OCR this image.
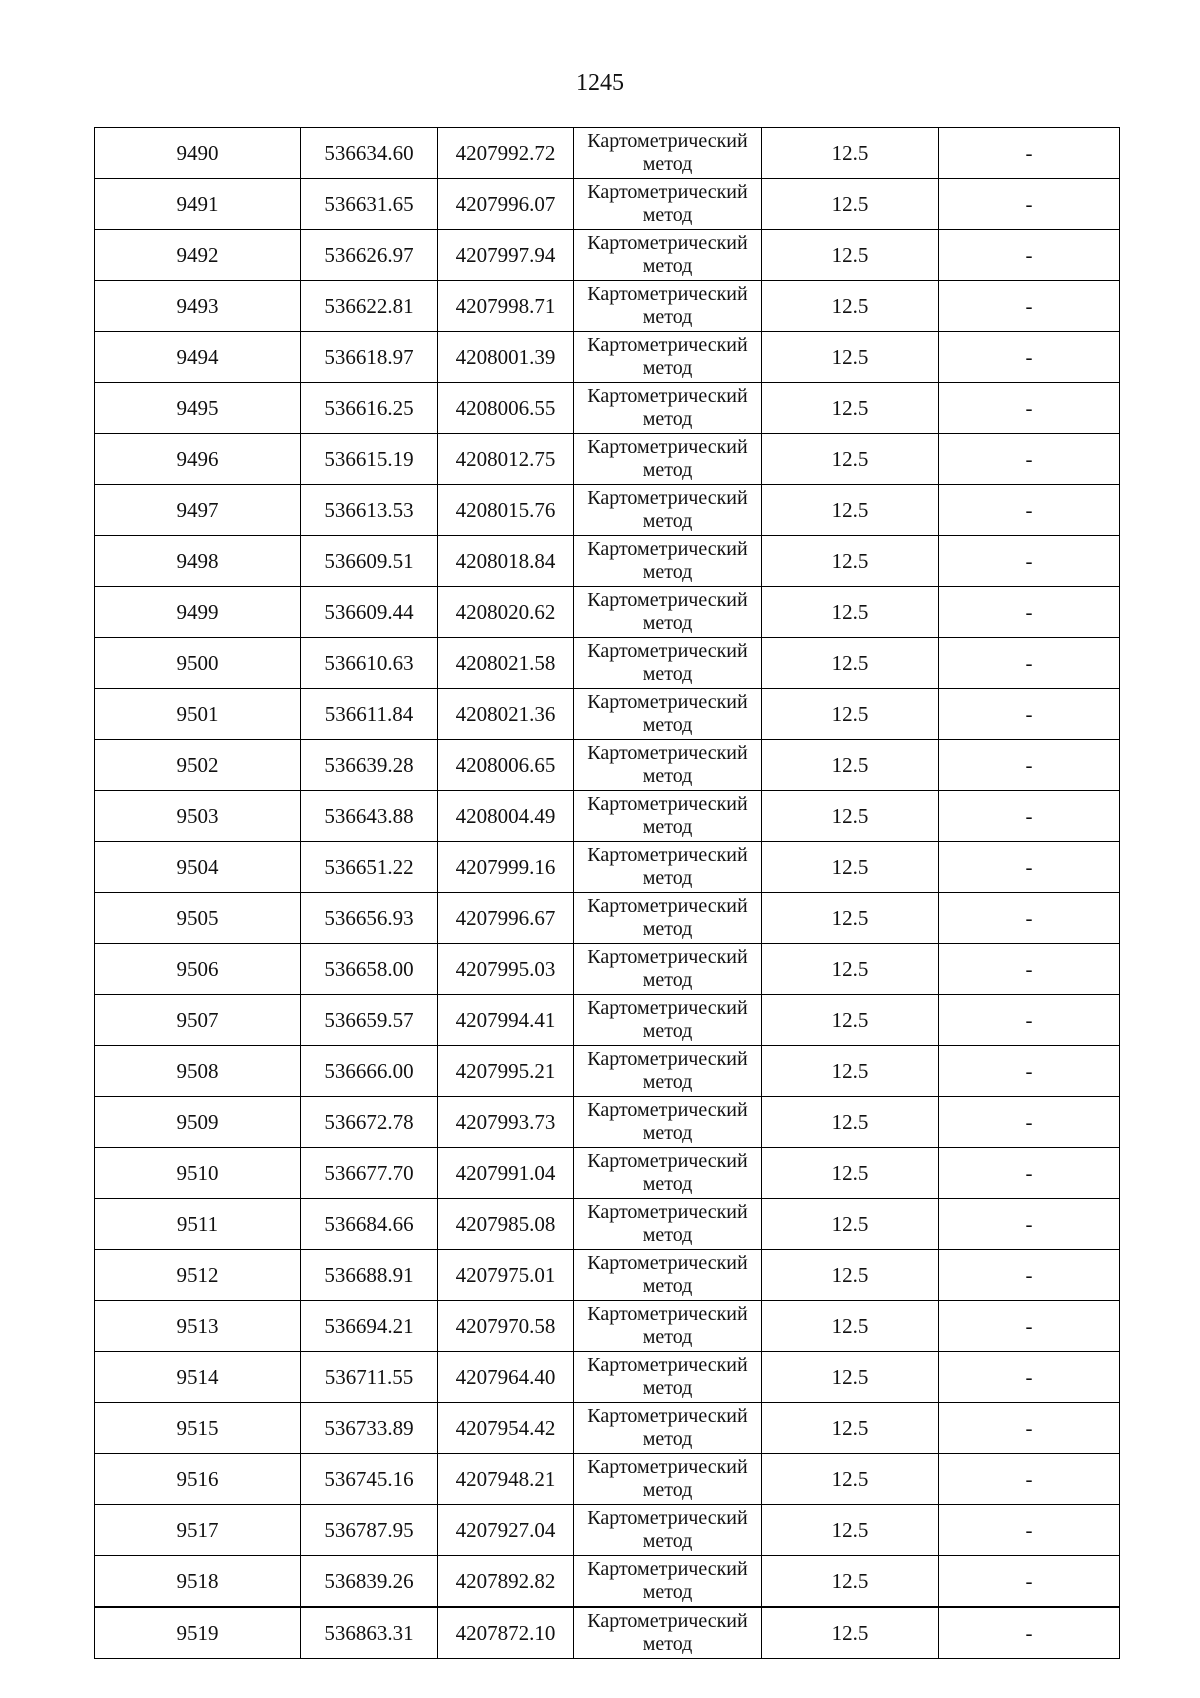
1245
9490	536634.60	4207992.72	Картометрический метод	12.5	-
9491	536631.65	4207996.07	Картометрический метод	12.5	-
9492	536626.97	4207997.94	Картометрический метод	12.5	-
9493	536622.81	4207998.71	Картометрический метод	12.5	-
9494	536618.97	4208001.39	Картометрический метод	12.5	-
9495	536616.25	4208006.55	Картометрический метод	12.5	-
9496	536615.19	4208012.75	Картометрический метод	12.5	-
9497	536613.53	4208015.76	Картометрический метод	12.5	-
9498	536609.51	4208018.84	Картометрический метод	12.5	-
9499	536609.44	4208020.62	Картометрический метод	12.5	-
9500	536610.63	4208021.58	Картометрический метод	12.5	-
9501	536611.84	4208021.36	Картометрический метод	12.5	-
9502	536639.28	4208006.65	Картометрический метод	12.5	-
9503	536643.88	4208004.49	Картометрический метод	12.5	-
9504	536651.22	4207999.16	Картометрический метод	12.5	-
9505	536656.93	4207996.67	Картометрический метод	12.5	-
9506	536658.00	4207995.03	Картометрический метод	12.5	-
9507	536659.57	4207994.41	Картометрический метод	12.5	-
9508	536666.00	4207995.21	Картометрический метод	12.5	-
9509	536672.78	4207993.73	Картометрический метод	12.5	-
9510	536677.70	4207991.04	Картометрический метод	12.5	-
9511	536684.66	4207985.08	Картометрический метод	12.5	-
9512	536688.91	4207975.01	Картометрический метод	12.5	-
9513	536694.21	4207970.58	Картометрический метод	12.5	-
9514	536711.55	4207964.40	Картометрический метод	12.5	-
9515	536733.89	4207954.42	Картометрический метод	12.5	-
9516	536745.16	4207948.21	Картометрический метод	12.5	-
9517	536787.95	4207927.04	Картометрический метод	12.5	-
9518	536839.26	4207892.82	Картометрический метод	12.5	-
9519	536863.31	4207872.10	Картометрический метод	12.5	-
